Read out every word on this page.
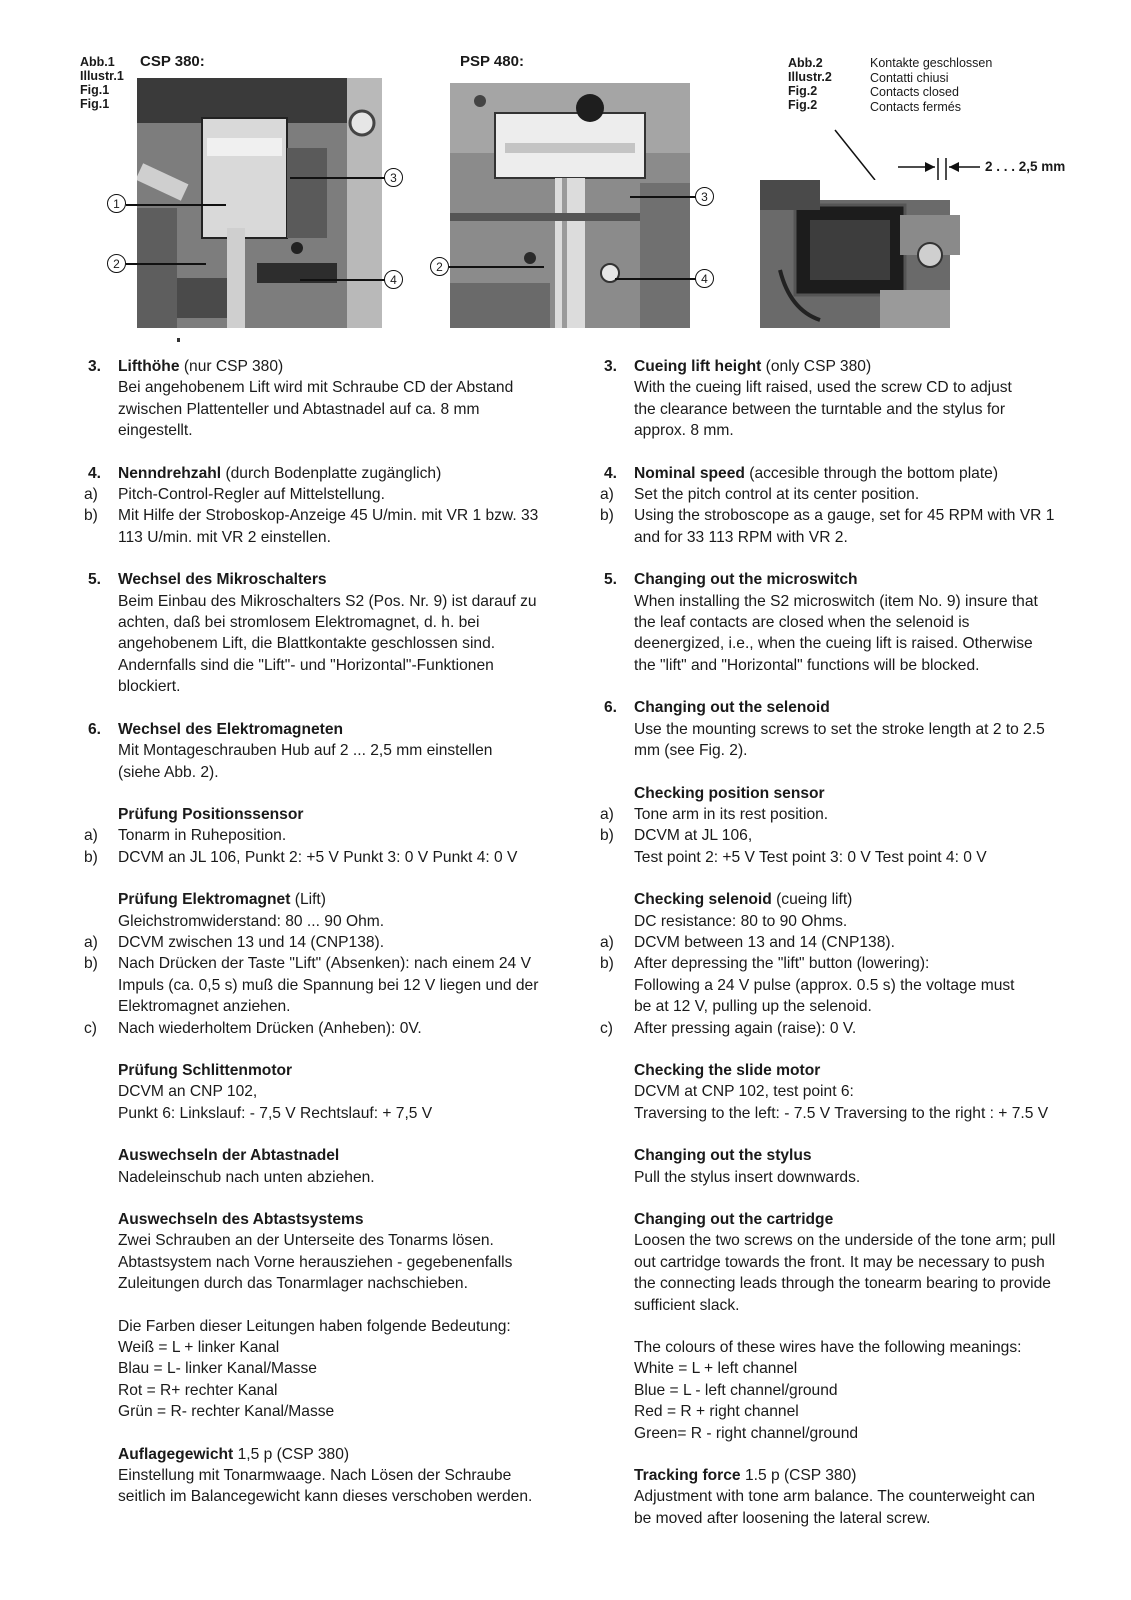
Abb.1
Illustr.1
Fig.1
Fig.1
CSP 380:	PSP 480:
1
2
3
4
2
3
4
Abb.2
Illustr.2
Fig.2
Fig.2
Kontakte geschlossen
Contatti chiusi
Contacts closed
Contacts fermés
2 . . . 2,5 mm
3. Lifthöhe (nur CSP 380)
Bei angehobenem Lift wird mit Schraube CD der Abstand
zwischen Plattenteller und Abtastnadel auf ca. 8 mm
eingestellt.
4. Nenndrehzahl (durch Bodenplatte zugänglich)
a) Pitch-Control-Regler auf Mittelstellung.
b) Mit Hilfe der Stroboskop-Anzeige 45 U/min. mit VR 1 bzw. 33
113 U/min. mit VR 2 einstellen.
5. Wechsel des Mikroschalters
Beim Einbau des Mikroschalters S2 (Pos. Nr. 9) ist darauf zu
achten, daß bei stromlosem Elektromagnet, d. h. bei
angehobenem Lift, die Blattkontakte geschlossen sind.
Andernfalls sind die "Lift"- und "Horizontal"-Funktionen
blockiert.
6. Wechsel des Elektromagneten
Mit Montageschrauben Hub auf 2 ... 2,5 mm einstellen
(siehe Abb. 2).
Prüfung Positionssensor
a) Tonarm in Ruheposition.
b) DCVM an JL 106, Punkt 2: +5 V Punkt 3: 0 V Punkt 4: 0 V
Prüfung Elektromagnet (Lift)
Gleichstromwiderstand: 80 ... 90 Ohm.
a) DCVM zwischen 13 und 14 (CNP138).
b) Nach Drücken der Taste "Lift" (Absenken): nach einem 24 V
Impuls (ca. 0,5 s) muß die Spannung bei 12 V liegen und der
Elektromagnet anziehen.
c) Nach wiederholtem Drücken (Anheben): 0V.
Prüfung Schlittenmotor
DCVM an CNP 102,
Punkt 6: Linkslauf: - 7,5 V Rechtslauf: + 7,5 V
Auswechseln der Abtastnadel
Nadeleinschub nach unten abziehen.
Auswechseln des Abtastsystems
Zwei Schrauben an der Unterseite des Tonarms lösen.
Abtastsystem nach Vorne herausziehen - gegebenenfalls
Zuleitungen durch das Tonarmlager nachschieben.
Die Farben dieser Leitungen haben folgende Bedeutung:
Weiß = L + linker Kanal
Blau = L- linker Kanal/Masse
Rot = R+ rechter Kanal
Grün = R- rechter Kanal/Masse
Auflagegewicht 1,5 p (CSP 380)
Einstellung mit Tonarmwaage. Nach Lösen der Schraube
seitlich im Balancegewicht kann dieses verschoben werden.
3. Cueing lift height (only CSP 380)
With the cueing lift raised, used the screw CD to adjust
the clearance between the turntable and the stylus for
approx. 8 mm.
4. Nominal speed (accesible through the bottom plate)
a) Set the pitch control at its center position.
b) Using the stroboscope as a gauge, set for 45 RPM with VR 1
and for 33 113 RPM with VR 2.
5. Changing out the microswitch
When installing the S2 microswitch (item No. 9) insure that
the leaf contacts are closed when the selenoid is
deenergized, i.e., when the cueing lift is raised. Otherwise
the "lift" and "Horizontal" functions will be blocked.
6. Changing out the selenoid
Use the mounting screws to set the stroke length at 2 to 2.5
mm (see Fig. 2).
Checking position sensor
a) Tone arm in its rest position.
b) DCVM at JL 106,
Test point 2: +5 V Test point 3: 0 V Test point 4: 0 V
Checking selenoid (cueing lift)
DC resistance: 80 to 90 Ohms.
a) DCVM between 13 and 14 (CNP138).
b) After depressing the "lift" button (lowering):
Following a 24 V pulse (approx. 0.5 s) the voltage must
be at 12 V, pulling up the selenoid.
c) After pressing again (raise): 0 V.
Checking the slide motor
DCVM at CNP 102, test point 6:
Traversing to the left: - 7.5 V Traversing to the right : + 7.5 V
Changing out the stylus
Pull the stylus insert downwards.
Changing out the cartridge
Loosen the two screws on the underside of the tone arm; pull
out cartridge towards the front. It may be necessary to push
the connecting leads through the tonearm bearing to provide
sufficient slack.
The colours of these wires have the following meanings:
White = L + left channel
Blue = L - left channel/ground
Red = R + right channel
Green= R - right channel/ground
Tracking force 1.5 p (CSP 380)
Adjustment with tone arm balance. The counterweight can
be moved after loosening the lateral screw.
